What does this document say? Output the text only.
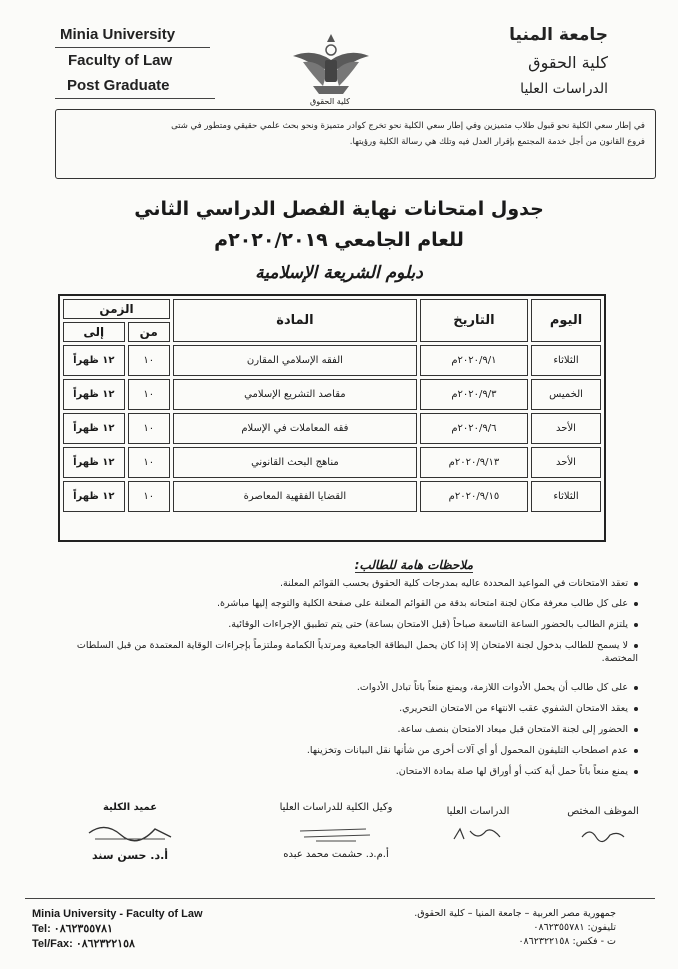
Minia University
Faculty of Law
Post Graduate
كلية الحقوق
جامعة المنيا
كلية الحقوق
الدراسات العليا
في إطار سعي الكلية نحو قبول طلاب متميزين وفي إطار سعي الكلية نحو تخرج كوادر متميزة ونحو بحث علمي حقيقي ومتطور في شتى
فروع القانون من أجل خدمة المجتمع بإقرار العدل فيه وتلك هي رسالة الكلية ورؤيتها.
جدول امتحانات نهاية الفصل الدراسي الثاني
للعام الجامعي ٢٠٢٠/٢٠١٩م
دبلوم الشريعة الإسلامية
اليوم	التاريخ	المادة	الزمن	
			من	إلى
الثلاثاء	٢٠٢٠/٩/١م	الفقه الإسلامي المقارن	١٠	١٢ ظهراً
الخميس	٢٠٢٠/٩/٣م	مقاصد التشريع الإسلامي	١٠	١٢ ظهراً
الأحد	٢٠٢٠/٩/٦م	فقه المعاملات في الإسلام	١٠	١٢ ظهراً
الأحد	٢٠٢٠/٩/١٣م	مناهج البحث القانوني	١٠	١٢ ظهراً
الثلاثاء	٢٠٢٠/٩/١٥م	القضايا الفقهية المعاصرة	١٠	١٢ ظهراً
ملاحظات هامة للطالب:
تعقد الامتحانات في المواعيد المحددة عاليه بمدرجات كلية الحقوق بحسب القوائم المعلنة.
على كل طالب معرفة مكان لجنة امتحانه بدقة من القوائم المعلنة على صفحة الكلية والتوجه إليها مباشرة.
يلتزم الطالب بالحضور الساعة التاسعة صباحاً (قبل الامتحان بساعة) حتى يتم تطبيق الإجراءات الوقائية.
لا يسمح للطالب بدخول لجنة الامتحان إلا إذا كان يحمل البطاقة الجامعية ومرتدياً الكمامة وملتزماً بإجراءات الوقاية المعتمدة من قبل السلطات المختصة.
على كل طالب أن يحمل الأدوات اللازمة، ويمنع منعاً باتاً تبادل الأدوات.
يعقد الامتحان الشفوي عقب الانتهاء من الامتحان التحريري.
الحضور إلى لجنة الامتحان قبل ميعاد الامتحان بنصف ساعة.
عدم اصطحاب التليفون المحمول أو أي آلات أخرى من شأنها نقل البيانات وتخزينها.
يمنع منعاً باتاً حمل أية كتب أو أوراق لها صلة بمادة الامتحان.
الموظف المختص
الدراسات العليا
وكيل الكلية للدراسات العليا
أ.م.د. حشمت محمد عبده
عميد الكلية
أ.د. حسن سند
Minia University - Faculty of Law
Tel: ٠٨٦٢٣٥٥٧٨١
Tel/Fax: ٠٨٦٢٣٢٢١٥٨
جمهورية مصر العربية – جامعة المنيا – كلية الحقوق.
تليفون: ٠٨٦٢٣٥٥٧٨١
ت - فكس: ٠٨٦٢٣٢٢١٥٨
